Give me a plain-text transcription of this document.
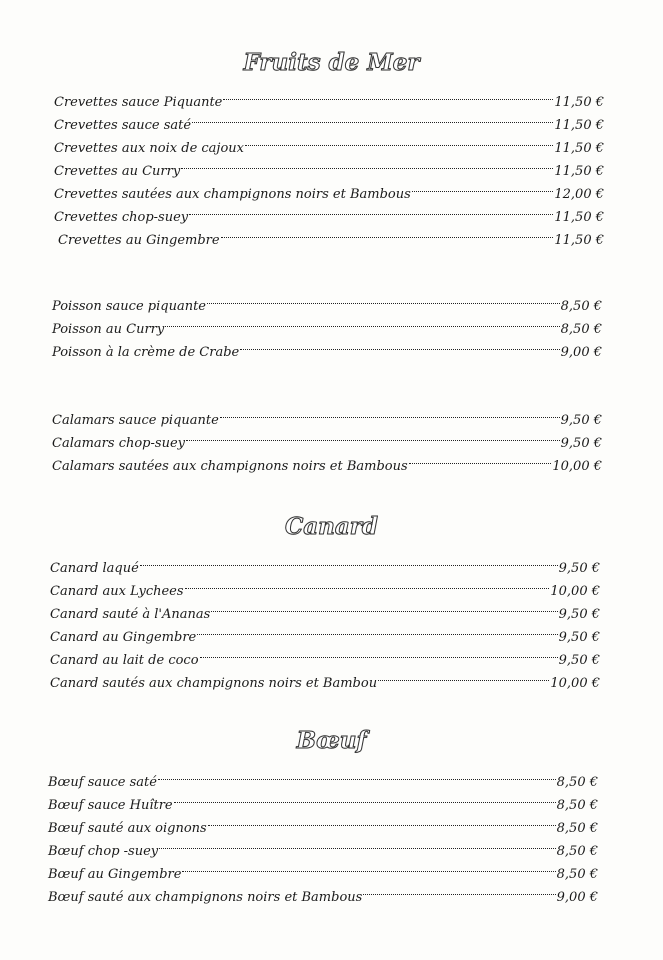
Fruits de Mer
Crevettes sauce Piquante	11,50 €
Crevettes sauce saté	11,50 €
Crevettes aux noix de cajoux	11,50 €
Crevettes au Curry	11,50 €
Crevettes sautées aux champignons noirs et Bambous	12,00 €
Crevettes chop-suey	11,50 €
Crevettes au Gingembre	11,50 €
Poisson sauce piquante	8,50 €
Poisson au Curry	8,50 €
Poisson à la crème de Crabe	9,00 €
Calamars sauce piquante	9,50 €
Calamars chop-suey	9,50 €
Calamars sautées aux champignons noirs et Bambous	10,00 €
Canard
Canard laqué	9,50 €
Canard aux Lychees	10,00 €
Canard sauté à l'Ananas	9,50 €
Canard au Gingembre	9,50 €
Canard au lait de coco	9,50 €
Canard sautés aux champignons noirs et Bambou	10,00 €
Bœuf
Bœuf sauce saté	8,50 €
Bœuf sauce Huître	8,50 €
Bœuf sauté aux oignons	8,50 €
Bœuf chop -suey	8,50 €
Bœuf au Gingembre	8,50 €
Bœuf sauté aux champignons noirs et Bambous	9,00 €
